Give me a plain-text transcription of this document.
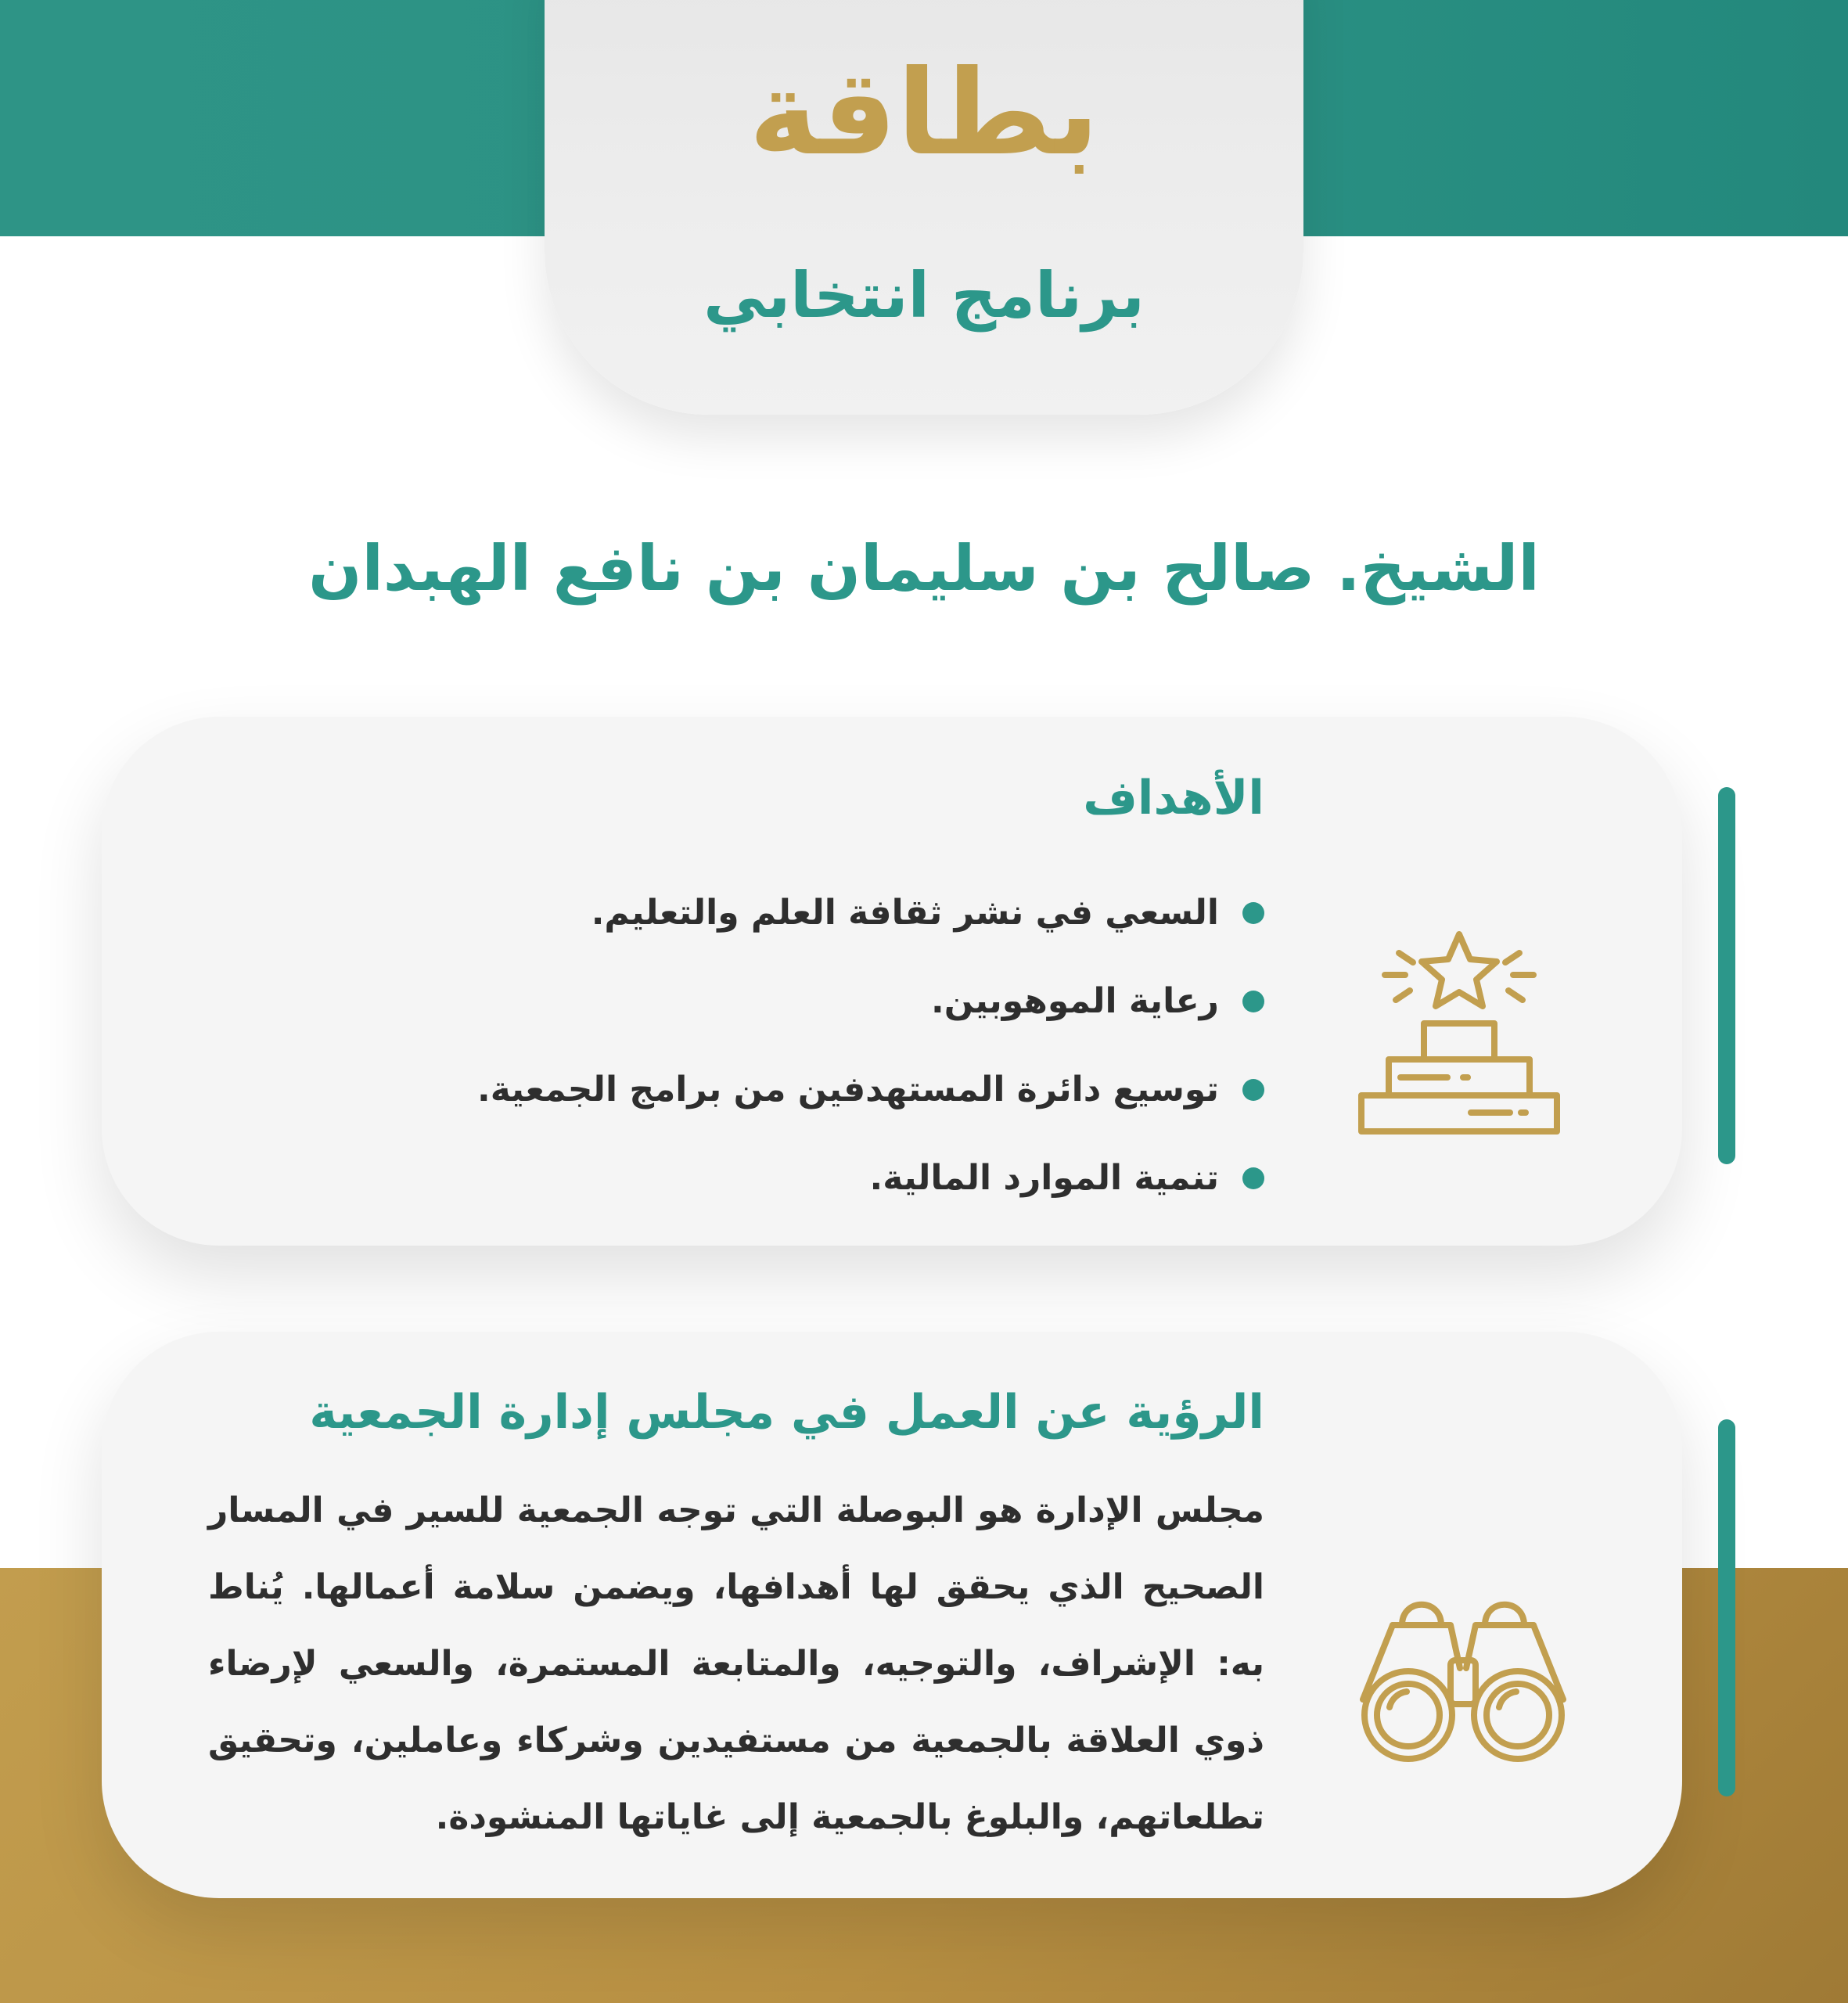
بطاقة
برنامج انتخابي
الشيخ. صالح بن سليمان بن نافع الهبدان
الأهداف
السعي في نشر ثقافة العلم والتعليم.
رعاية الموهوبين.
توسيع دائرة المستهدفين من برامج الجمعية.
تنمية الموارد المالية.
الرؤية عن العمل في مجلس إدارة الجمعية

مجلس الإدارة هو البوصلة التي توجه الجمعية للسير في المسار الصحيح الذي يحقق لها أهدافها، ويضمن سلامة أعمالها. يُناط به: الإشراف، والتوجيه، والمتابعة المستمرة، والسعي لإرضاء ذوي العلاقة بالجمعية من مستفيدين وشركاء وعاملين، وتحقيق تطلعاتهم، والبلوغ بالجمعية إلى غاياتها المنشودة.
